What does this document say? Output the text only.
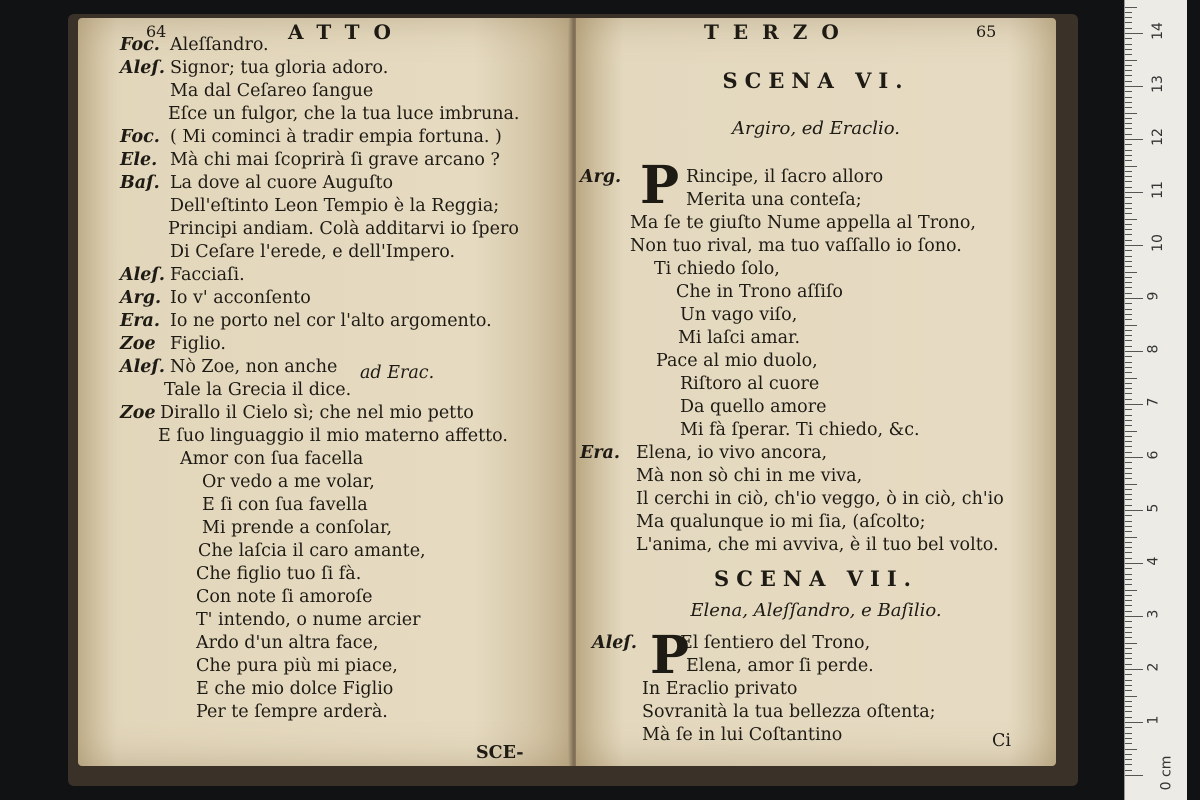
64	ATTO
Foc. Aleſſandro.
Aleſ. Signor; tua gloria adoro.
Ma dal Ceſareo ſangue
Eſce un fulgor, che la tua luce imbruna.
Foc. ( Mi cominci à tradir empia fortuna. )
Ele. Mà chi mai ſcoprirà ſi grave arcano ?
Baſ. La dove al cuore Auguſto
Dell'eſtinto Leon Tempio è la Reggia;
Principi andiam. Colà additarvi io ſpero
Di Ceſare l'erede, e dell'Impero.
Aleſ. Facciaſi.
Arg. Io v' acconſento
Era. Io ne porto nel cor l'alto argomento.
Zoe Figlio.
Aleſ. Nò Zoe, non anche
Tale la Grecia il dice.
Zoe Dirallo il Cielo sì; che nel mio petto
E ſuo linguaggio il mio materno affetto.
Amor con ſua facella
Or vedo a me volar,
E ſi con ſua favella
Mi prende a conſolar,
Che laſcia il caro amante,
Che figlio tuo ſi fà.
Con note ſi amoroſe
T' intendo, o nume arcier
Ardo d'un altra face,
Che pura più mi piace,
E che mio dolce Figlio
Per te ſempre arderà.
ad Erac.
SCE-
TERZO	65
SCENA VI.
Argiro, ed Eraclio.
P
Arg.	Rincipe, il ſacro alloro
Merita una conteſa;
Ma ſe te giuſto Nume appella al Trono,
Non tuo rival, ma tuo vaſſallo io ſono.
Ti chiedo ſolo,
Che in Trono aſſiſo
Un vago viſo,
Mi laſci amar.
Pace al mio duolo,
Riſtoro al cuore
Da quello amore
Mi fà ſperar. Ti chiedo, &c.
Era. Elena, io vivo ancora,
Mà non sò chi in me viva,
Il cerchi in ciò, ch'io veggo, ò in ciò, ch'io
Ma qualunque io mi ſia, (aſcolto;
L'anima, che mi avviva, è il tuo bel volto.
SCENA VII.
Elena, Aleſſandro, e Baſilio.
P
Aleſ. El ſentiero del Trono,
Elena, amor ſi perde.
In Eraclio privato
Sovranità la tua bellezza oſtenta;
Mà ſe in lui Coſtantino	Ci
0 cm
1
2
3
4
5
6
7
8
9
10
11
12
13
14
